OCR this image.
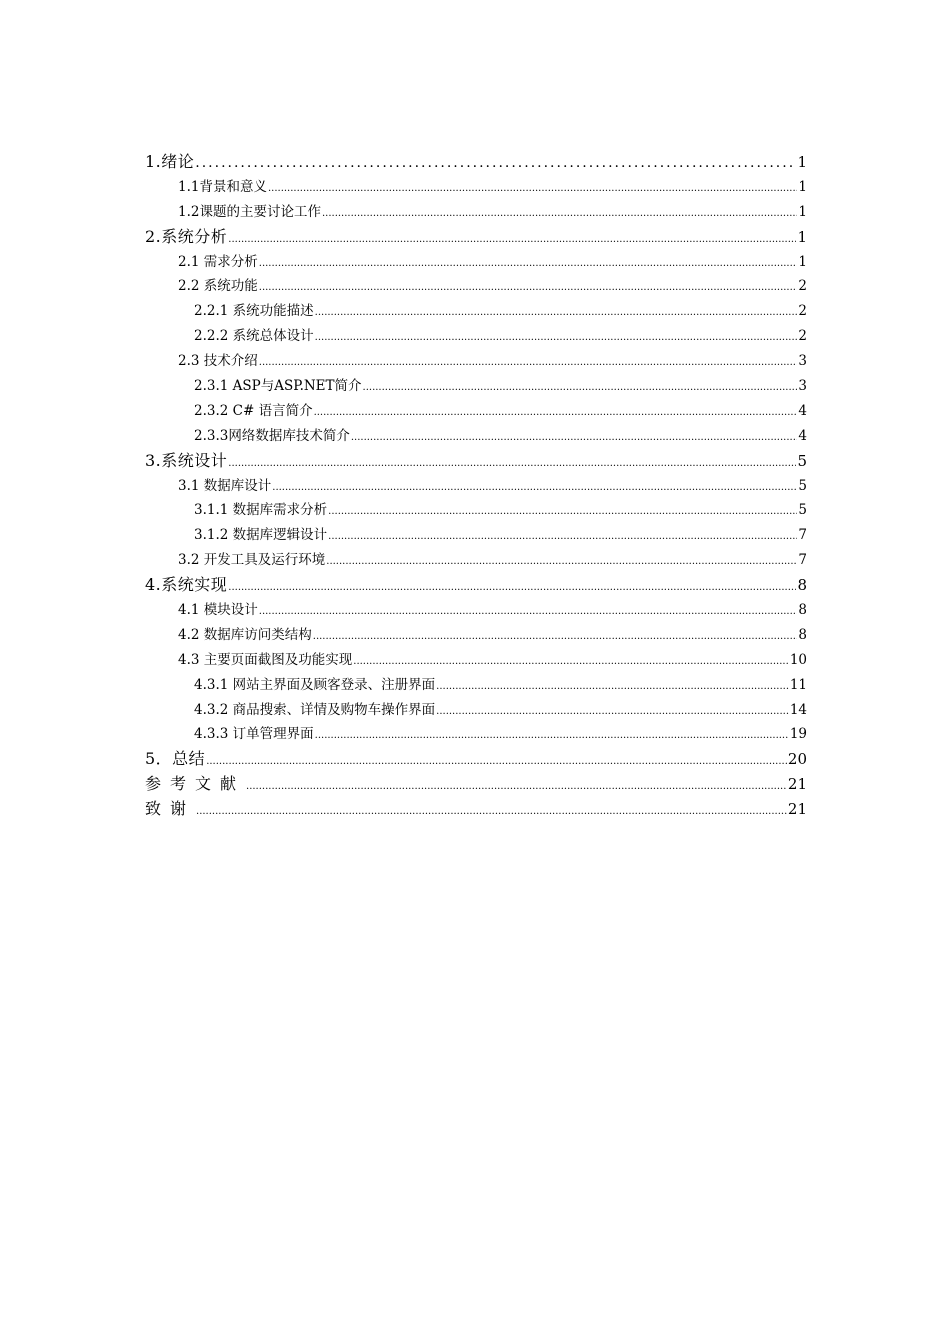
1.绪论 .....	1
1.1背景和意义 .....	1
1.2课题的主要讨论工作 .....	1
2.系统分析 .....	1
2.1 需求分析 .....	1
2.2 系统功能 .....	2
2.2.1 系统功能描述 .....	2
2.2.2 系统总体设计 .....	2
2.3 技术介绍 .....	3
2.3.1 ASP与ASP.NET简介 .....	3
2.3.2 C# 语言简介 .....	4
2.3.3网络数据库技术简介 .....	4
3.系统设计 .....	5
3.1 数据库设计 .....	5
3.1.1 数据库需求分析 .....	5
3.1.2 数据库逻辑设计 .....	7
3.2 开发工具及运行环境 .....	7
4.系统实现 .....	8
4.1 模块设计 .....	8
4.2 数据库访问类结构 .....	8
4.3 主要页面截图及功能实现 .....	10
4.3.1 网站主界面及顾客登录、注册界面 .....	11
4.3.2 商品搜索、详情及购物车操作界面 .....	14
4.3.3 订单管理界面 .....	19
5．总结 .....	20
参考文献 .....	21
致谢 .....	21
